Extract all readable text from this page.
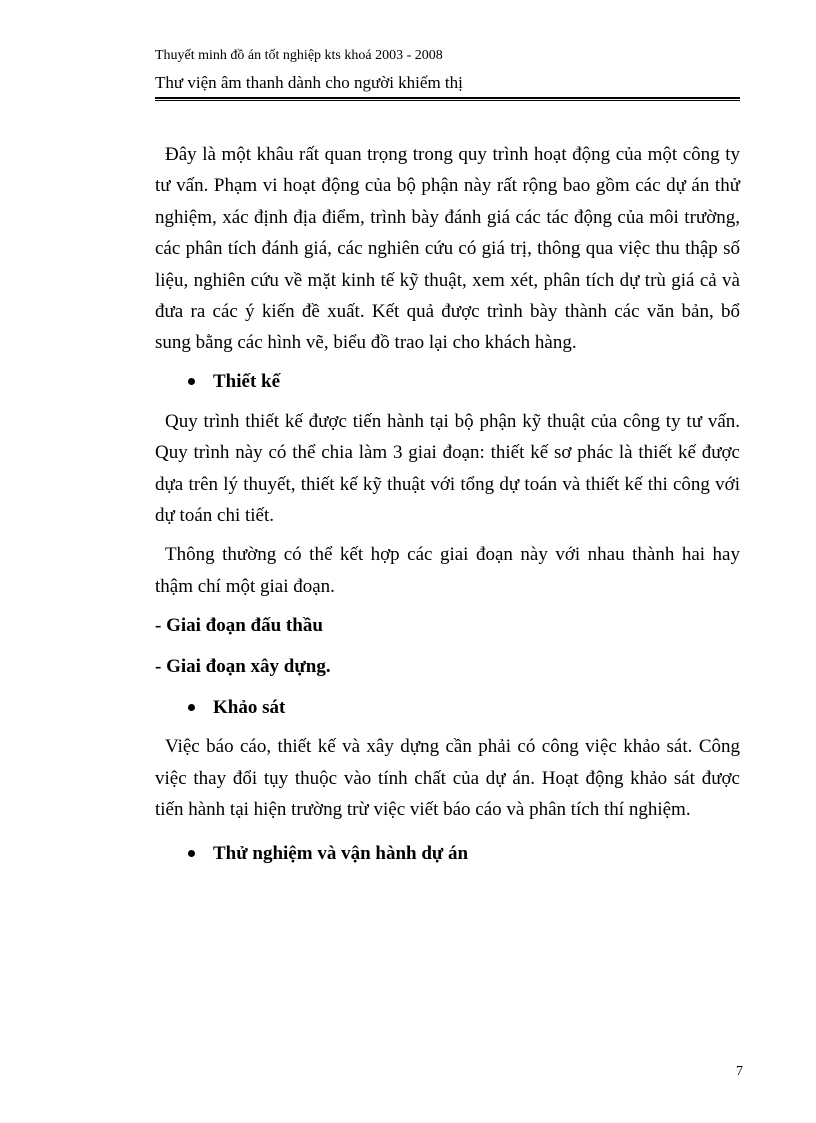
Thuyết minh đồ án tốt nghiệp kts khoá 2003 - 2008
Thư viện âm thanh dành cho người khiếm thị

Đây là một khâu rất quan trọng trong quy trình hoạt động của một công ty tư vấn. Phạm vi hoạt động của bộ phận này rất rộng bao gồm các dự án thử nghiệm, xác định địa điểm, trình bày đánh giá các tác động của môi trường, các phân tích đánh giá, các nghiên cứu có giá trị, thông qua việc thu thập số liệu, nghiên cứu về mặt kinh tế kỹ thuật, xem xét, phân tích dự trù giá cả và đưa ra các ý kiến đề xuất. Kết quả được trình bày thành các văn bản, bổ sung bằng các hình vẽ, biểu đồ trao lại cho khách hàng.

Thiết kế

Quy trình thiết kế được tiến hành tại bộ phận kỹ thuật của công ty tư vấn. Quy trình này có thể chia làm 3 giai đoạn: thiết kế sơ phác là thiết kế được dựa trên lý thuyết, thiết kế kỹ thuật với tổng dự toán và thiết kế thi công với dự toán chi tiết.

Thông thường có thể kết hợp các giai đoạn này với nhau thành hai hay thậm chí một giai đoạn.

- Giai đoạn đấu thầu
- Giai đoạn xây dựng.
Khảo sát

Việc báo cáo, thiết kế và xây dựng cần phải có công việc khảo sát. Công việc thay đổi tụy thuộc vào tính chất của dự án. Hoạt động khảo sát được tiến hành tại hiện trường trừ việc viết báo cáo và phân tích thí nghiệm.

Thử nghiệm và vận hành dự án
7
